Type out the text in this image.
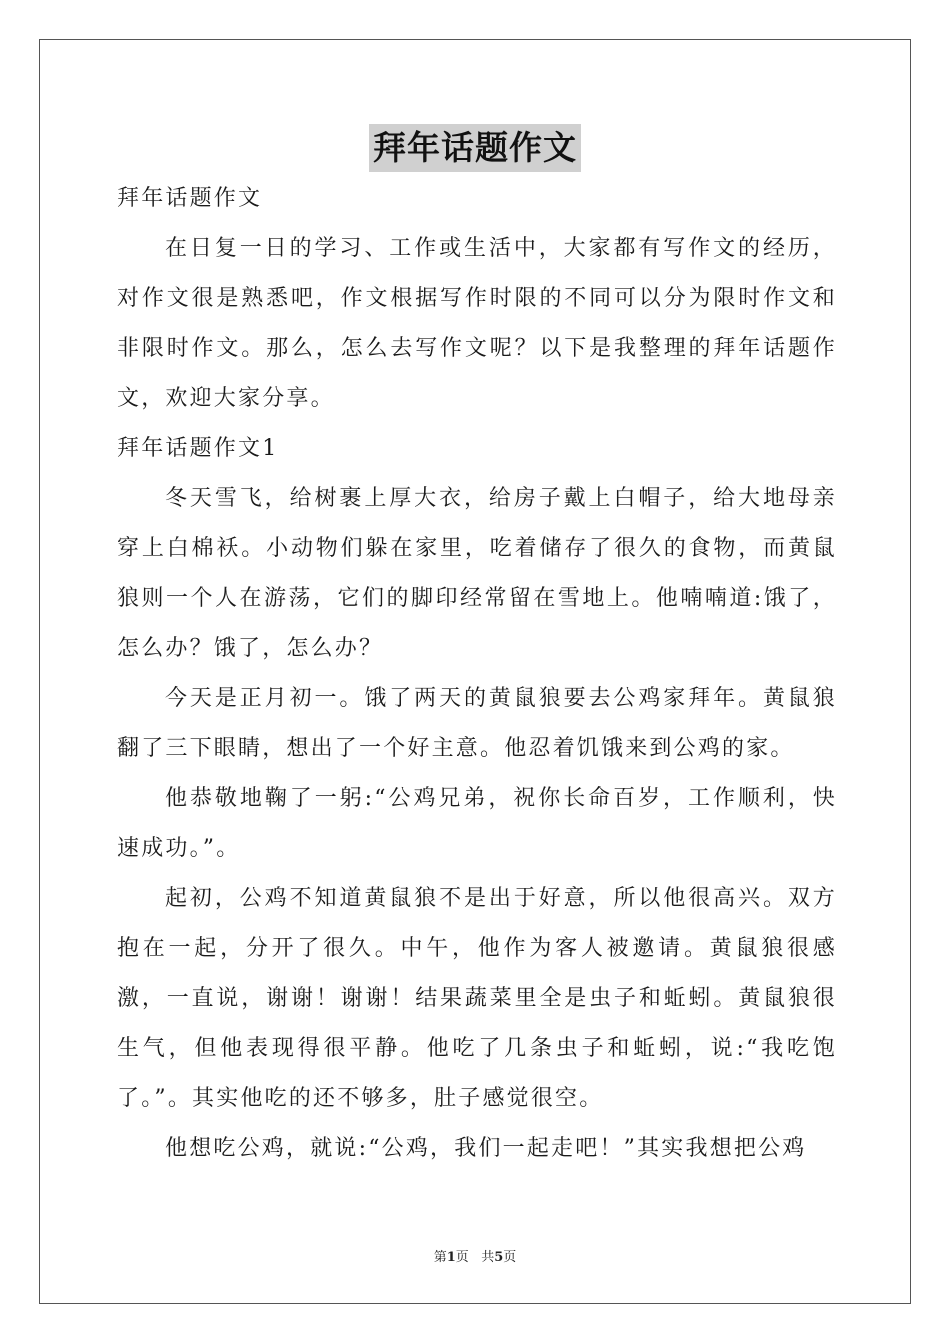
拜年话题作文

拜年话题作文

在日复一日的学习、工作或生活中，大家都有写作文的经历，对作文很是熟悉吧，作文根据写作时限的不同可以分为限时作文和非限时作文。那么，怎么去写作文呢？以下是我整理的拜年话题作文，欢迎大家分享。

拜年话题作文1

冬天雪飞，给树裹上厚大衣，给房子戴上白帽子，给大地母亲穿上白棉袄。小动物们躲在家里，吃着储存了很久的食物，而黄鼠狼则一个人在游荡，它们的脚印经常留在雪地上。他喃喃道:饿了，怎么办？饿了，怎么办？

今天是正月初一。饿了两天的黄鼠狼要去公鸡家拜年。黄鼠狼翻了三下眼睛，想出了一个好主意。他忍着饥饿来到公鸡的家。

他恭敬地鞠了一躬:“公鸡兄弟，祝你长命百岁，工作顺利，快速成功。”。

起初，公鸡不知道黄鼠狼不是出于好意，所以他很高兴。双方抱在一起，分开了很久。中午，他作为客人被邀请。黄鼠狼很感激，一直说，谢谢！谢谢！结果蔬菜里全是虫子和蚯蚓。黄鼠狼很生气，但他表现得很平静。他吃了几条虫子和蚯蚓，说:“我吃饱了。”。其实他吃的还不够多，肚子感觉很空。

他想吃公鸡，就说:“公鸡，我们一起走吧！”其实我想把公鸡

第1页 共5页
